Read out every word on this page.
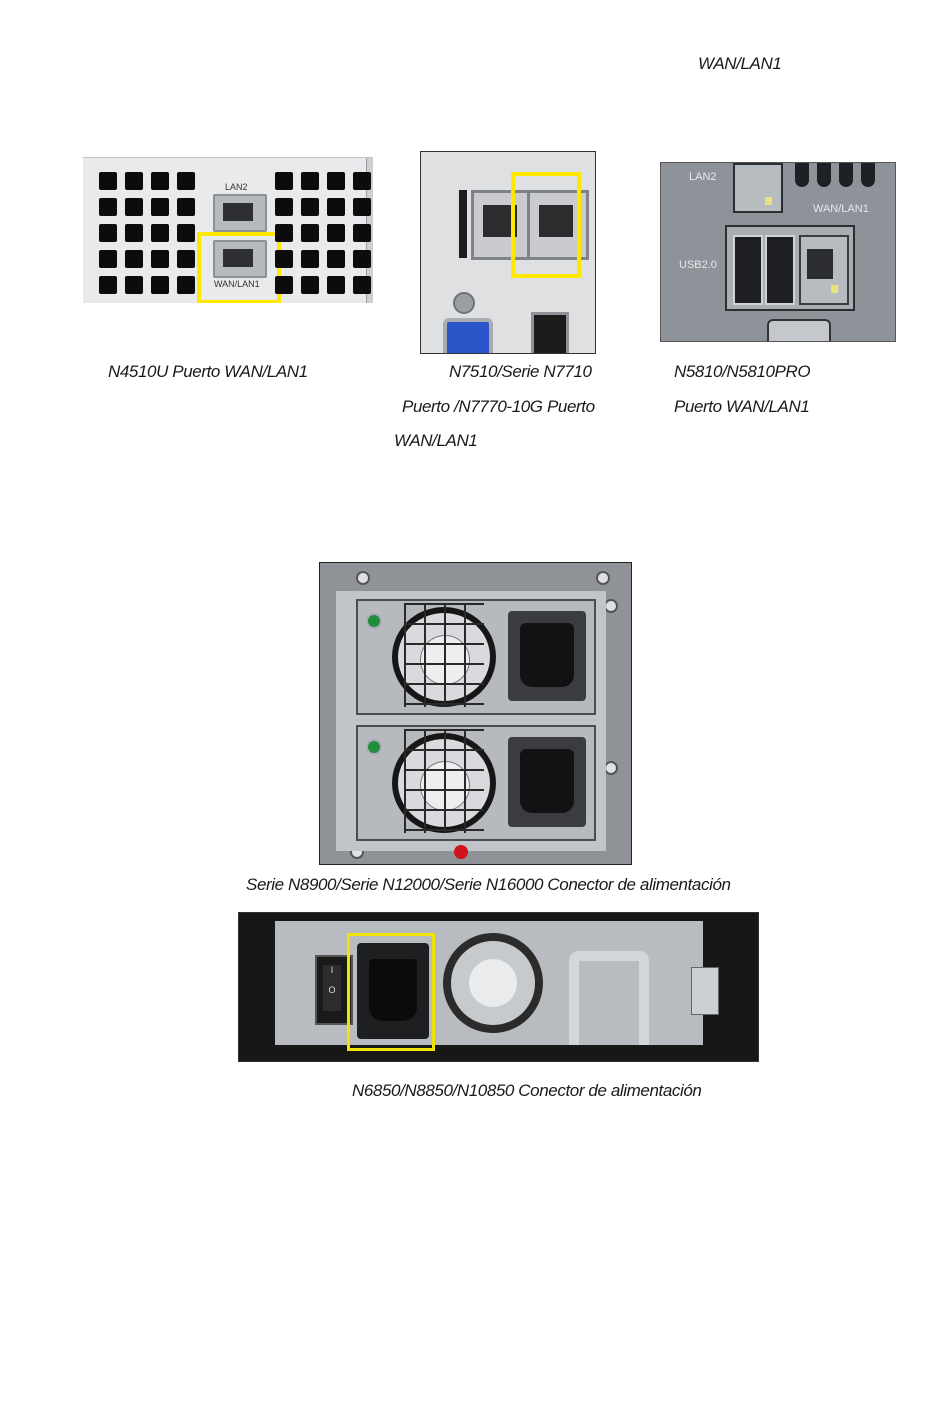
WAN/LAN1
LAN2
WAN/LAN1
N4510U Puerto WAN/LAN1	N7510/Serie N7710
Puerto /N7770-10G Puerto
WAN/LAN1
LAN2
WAN/LAN1
USB2.0
N5810/N5810PRO
Puerto WAN/LAN1
Serie N8900/Serie N12000/Serie N16000 Conector de alimentación
I

O
N6850/N8850/N10850 Conector de alimentación
